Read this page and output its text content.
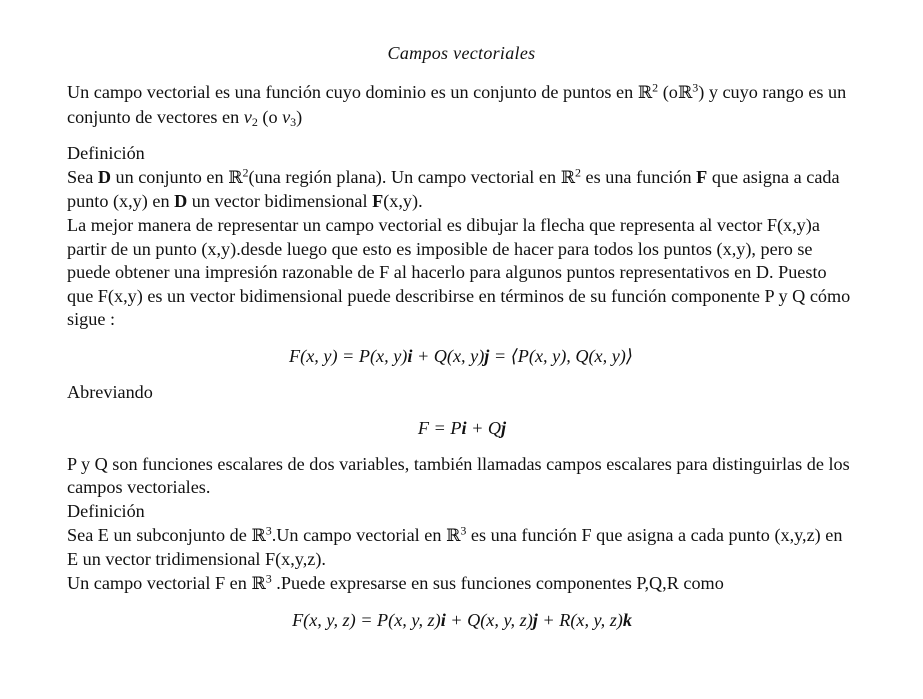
Campos vectoriales

Un campo vectorial es una función cuyo dominio es un conjunto de puntos en ℝ$^2$ (oℝ$^3$) y cuyo rango es un conjunto de vectores en $v_2$ (o $v_3$)

Definición

Sea D un conjunto en ℝ$^2$(una región plana). Un campo vectorial en ℝ$^2$ es una función F que asigna a cada punto (x,y) en D un vector bidimensional F(x,y).

La mejor manera de representar un campo vectorial es dibujar la flecha que representa al vector F(x,y)a partir de un punto (x,y).desde luego que esto es imposible de hacer para todos los puntos (x,y), pero se puede obtener una impresión razonable de F al hacerlo para algunos puntos representativos en D. Puesto que F(x,y) es un vector bidimensional puede describirse en términos de su función componente P y Q cómo sigue :

F(x, y) = P(x, y)i + Q(x, y)j = ⟨P(x, y), Q(x, y)⟩

Abreviando

F = Pi + Qj

P y Q son funciones escalares de dos variables, también llamadas campos escalares para distinguirlas de los campos vectoriales.

Definición

Sea E un subconjunto de ℝ$^3$.Un campo vectorial en ℝ$^3$ es una función F que asigna a cada punto (x,y,z) en E un vector tridimensional F(x,y,z).

Un campo vectorial F en ℝ$^3$ .Puede expresarse en sus funciones componentes P,Q,R como

F(x, y, z) = P(x, y, z)i + Q(x, y, z)j + R(x, y, z)k
